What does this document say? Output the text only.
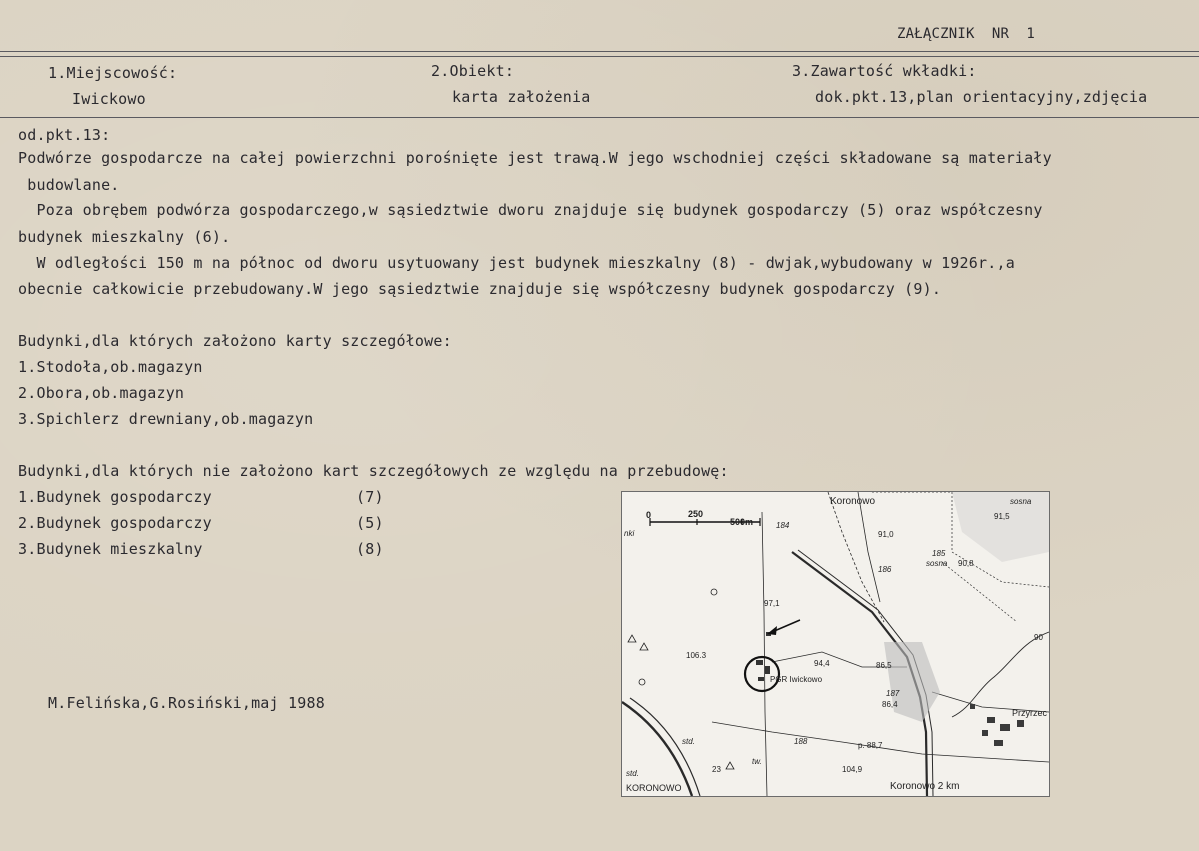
ZAŁĄCZNIK  NR  1
1.Miejscowość:
Iwickowo
2.Obiekt:
karta założenia
3.Zawartość wkładki:
dok.pkt.13,plan orientacyjny,zdjęcia
od.pkt.13:
Podwórze gospodarcze na całej powierzchni porośnięte jest trawą.W jego wschodniej części składowane są materiały
budowlane.
Poza obrębem podwórza gospodarczego,w sąsiedztwie dworu znajduje się budynek gospodarczy (5) oraz współczesny
budynek mieszkalny (6).
W odległości 150 m na północ od dworu usytuowany jest budynek mieszkalny (8) - dwjak,wybudowany w 1926r.,a
obecnie całkowicie przebudowany.W jego sąsiedztwie znajduje się współczesny budynek gospodarczy (9).
Budynki,dla których założono karty szczegółowe:
1.Stodoła,ob.magazyn
2.Obora,ob.magazyn
3.Spichlerz drewniany,ob.magazyn
Budynki,dla których nie założono kart szczegółowych ze względu na przebudowę:
1.Budynek gospodarczy	(7)
2.Budynek gospodarczy	(5)
3.Budynek mieszkalny	(8)
M.Felińska,G.Rosiński,maj 1988
0	250
500m
Koronowo	sosna
91,5
184
91,0
185
sosna 90,8
186
97,1
106.3
94,4	86,5
90
PGR Iwickowo
187
86,4
Przyrzec
std.	188	p. 88,7
23
tw.
104,9
std.
KORONOWO	Koronowo 2 km
nki
